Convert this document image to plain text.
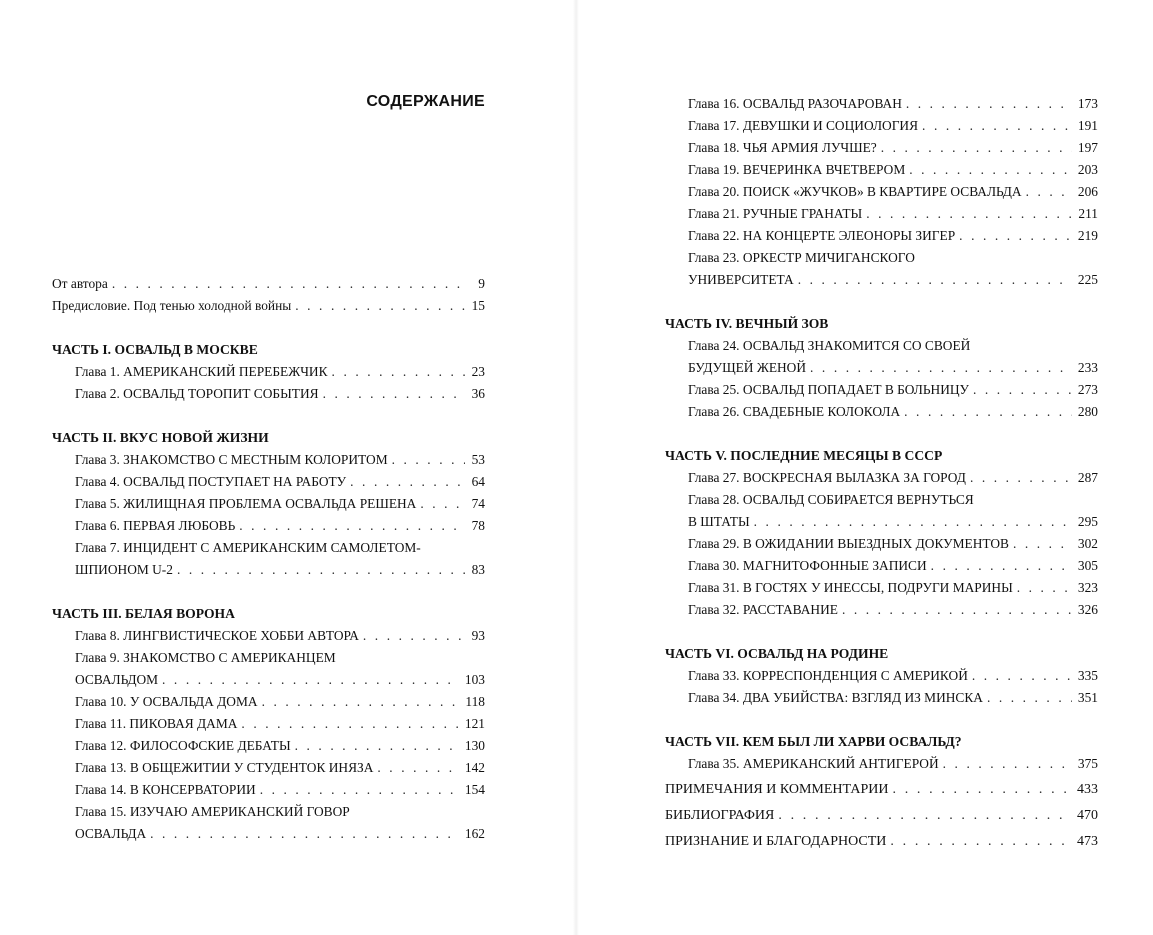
СОДЕРЖАНИЕ
От автора . . .	9
Предисловие. Под тенью холодной войны . . .	15
ЧАСТЬ I. ОСВАЛЬД В МОСКВЕ
Глава 1. АМЕРИКАНСКИЙ ПЕРЕБЕЖЧИК . . .	23
Глава 2. ОСВАЛЬД ТОРОПИТ СОБЫТИЯ . . .	36
ЧАСТЬ II. ВКУС НОВОЙ ЖИЗНИ
Глава 3. ЗНАКОМСТВО С МЕСТНЫМ КОЛОРИТОМ . . .	53
Глава 4. ОСВАЛЬД ПОСТУПАЕТ НА РАБОТУ . . .	64
Глава 5. ЖИЛИЩНАЯ ПРОБЛЕМА ОСВАЛЬДА РЕШЕНА . . .	74
Глава 6. ПЕРВАЯ ЛЮБОВЬ . . .	78
Глава 7. ИНЦИДЕНТ С АМЕРИКАНСКИМ САМОЛЕТОМ-
ШПИОНОМ U-2 . . .	83
ЧАСТЬ III. БЕЛАЯ ВОРОНА
Глава 8. ЛИНГВИСТИЧЕСКОЕ ХОББИ АВТОРА . . .	93
Глава 9. ЗНАКОМСТВО С АМЕРИКАНЦЕМ
ОСВАЛЬДОМ . . .	103
Глава 10. У ОСВАЛЬДА ДОМА . . .	118
Глава 11. ПИКОВАЯ ДАМА . . .	121
Глава 12. ФИЛОСОФСКИЕ ДЕБАТЫ . . .	130
Глава 13. В ОБЩЕЖИТИИ У СТУДЕНТОК ИНЯЗА . . .	142
Глава 14. В КОНСЕРВАТОРИИ . . .	154
Глава 15. ИЗУЧАЮ АМЕРИКАНСКИЙ ГОВОР
ОСВАЛЬДА . . .	162
Глава 16. ОСВАЛЬД РАЗОЧАРОВАН . . .	173
Глава 17. ДЕВУШКИ И СОЦИОЛОГИЯ . . .	191
Глава 18. ЧЬЯ АРМИЯ ЛУЧШЕ? . . .	197
Глава 19. ВЕЧЕРИНКА ВЧЕТВЕРОМ . . .	203
Глава 20. ПОИСК «ЖУЧКОВ» В КВАРТИРЕ ОСВАЛЬДА . . .	206
Глава 21. РУЧНЫЕ ГРАНАТЫ . . .	211
Глава 22. НА КОНЦЕРТЕ ЭЛЕОНОРЫ ЗИГЕР . . .	219
Глава 23. ОРКЕСТР МИЧИГАНСКОГО
УНИВЕРСИТЕТА . . .	225
ЧАСТЬ IV. ВЕЧНЫЙ ЗОВ
Глава 24. ОСВАЛЬД ЗНАКОМИТСЯ СО СВОЕЙ
БУДУЩЕЙ ЖЕНОЙ . . .	233
Глава 25. ОСВАЛЬД ПОПАДАЕТ В БОЛЬНИЦУ . . .	273
Глава 26. СВАДЕБНЫЕ КОЛОКОЛА . . .	280
ЧАСТЬ V. ПОСЛЕДНИЕ МЕСЯЦЫ В СССР
Глава 27. ВОСКРЕСНАЯ ВЫЛАЗКА ЗА ГОРОД . . .	287
Глава 28. ОСВАЛЬД СОБИРАЕТСЯ ВЕРНУТЬСЯ
В ШТАТЫ . . .	295
Глава 29. В ОЖИДАНИИ ВЫЕЗДНЫХ ДОКУМЕНТОВ . . .	302
Глава 30. МАГНИТОФОННЫЕ ЗАПИСИ . . .	305
Глава 31. В ГОСТЯХ У ИНЕССЫ, ПОДРУГИ МАРИНЫ . . .	323
Глава 32. РАССТАВАНИЕ . . .	326
ЧАСТЬ VI. ОСВАЛЬД НА РОДИНЕ
Глава 33. КОРРЕСПОНДЕНЦИЯ С АМЕРИКОЙ . . .	335
Глава 34. ДВА УБИЙСТВА: ВЗГЛЯД ИЗ МИНСКА . . .	351
ЧАСТЬ VII. КЕМ БЫЛ ЛИ ХАРВИ ОСВАЛЬД?
Глава 35. АМЕРИКАНСКИЙ АНТИГЕРОЙ . . .	375
ПРИМЕЧАНИЯ И КОММЕНТАРИИ . . .	433
БИБЛИОГРАФИЯ . . .	470
ПРИЗНАНИЕ И БЛАГОДАРНОСТИ . . .	473
